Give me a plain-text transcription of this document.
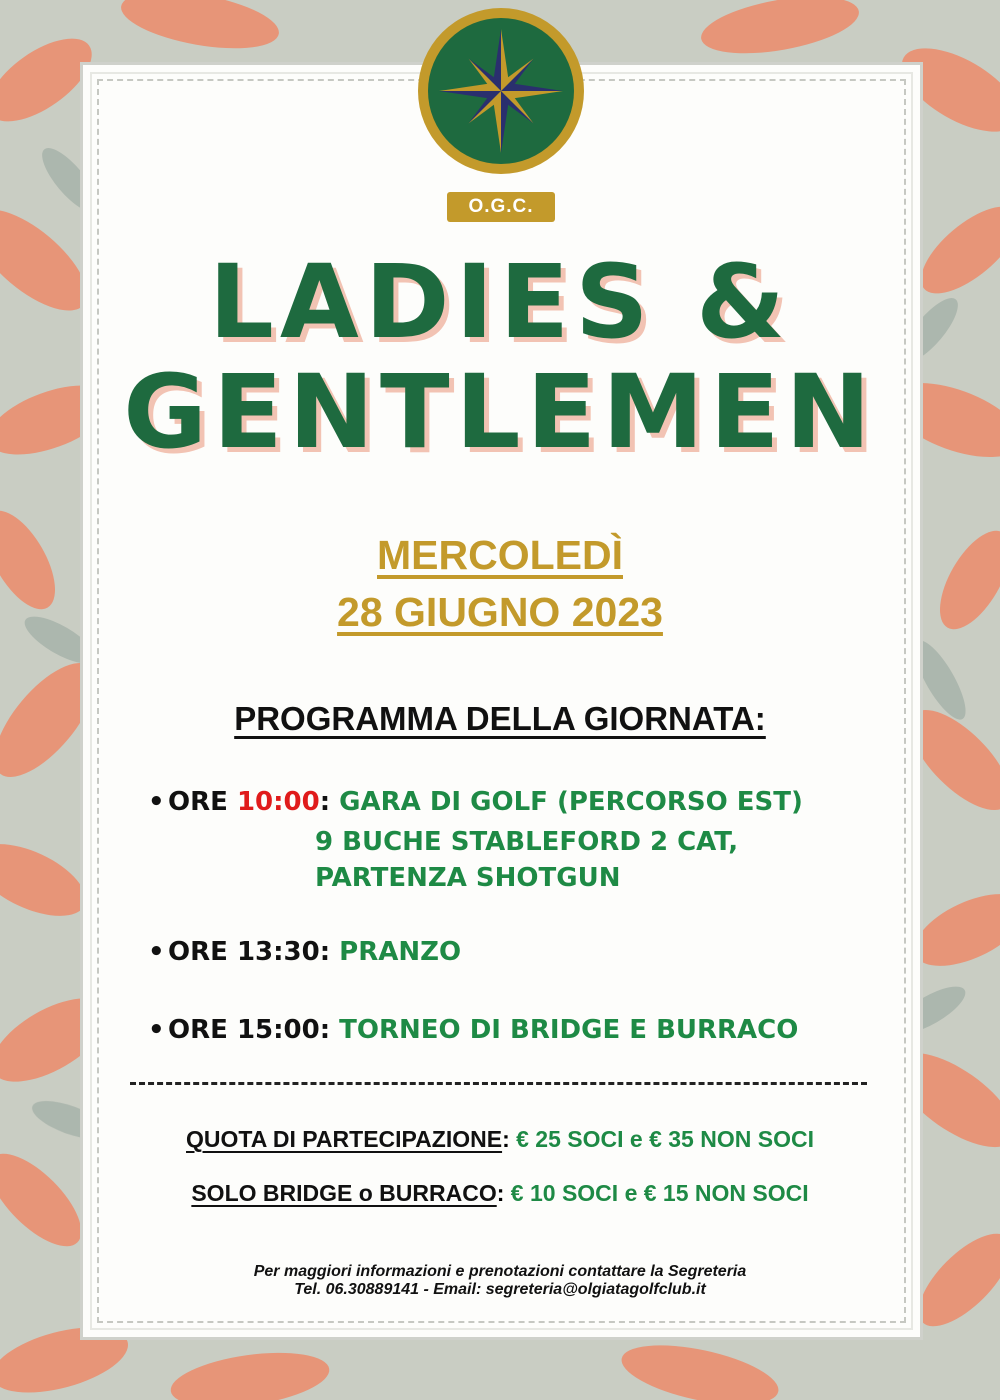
O.G.C.
LADIES &
GENTLEMEN
MERCOLEDÌ
28 GIUGNO 2023
PROGRAMMA DELLA GIORNATA:
• ORE 10:00: GARA DI GOLF (PERCORSO EST)
9 BUCHE STABLEFORD 2 CAT,
PARTENZA SHOTGUN
• ORE 13:30: PRANZO
• ORE 15:00: TORNEO DI BRIDGE E BURRACO
QUOTA DI PARTECIPAZIONE: € 25 SOCI e € 35 NON SOCI
SOLO BRIDGE o BURRACO: € 10 SOCI e € 15 NON SOCI
Per maggiori informazioni e prenotazioni contattare la Segreteria
Tel. 06.30889141 - Email: segreteria@olgiatagolfclub.it
